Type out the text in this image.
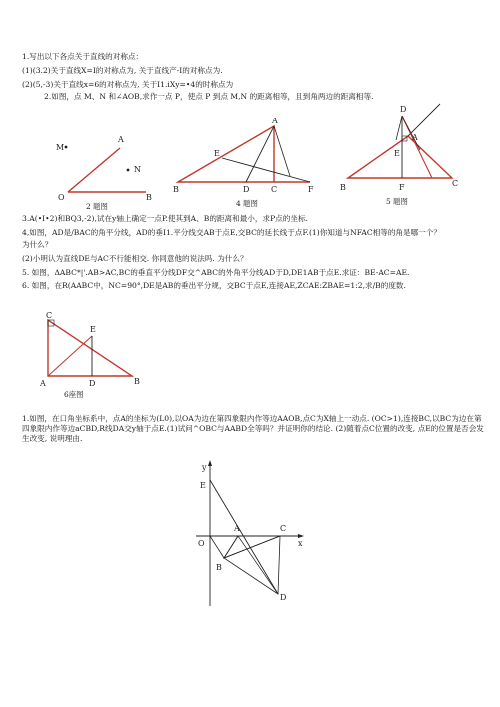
1.写出以下各点关于直线的对称点：
(1)(3.2)关于直线X=I的对称点为, 关于直线产-I的对称点为.
(2)(5,-3)关于直线x=6的对称点为, 关于I1.iXy=•4的时称点为
2.如图，点 M、N 和∠AOB,求作一点 P，使点 P 到点 M,N 的距离相等，且到角两边的距离相等.
M
N
A
O	B
2 题图
A
B	D	C	F
E
4 题图
D
A
E
B	F	C
5 题图
3.A(•I•2)和BQ3,-2),试在y轴上确定一点P.使其到A、B的距离和最小，求P点的坐标.
4,如图，AD是/BAC的角平分线，AD的垂I1.平分线交AB于点E,交BC的延长线于点F.(1)你知道与NFAC相等的角是哪一个？
为什么？
(2)小明认为直线DE与AC不行能相交. 你同意他的说法吗. 为什么？
5. 如图，ΔABC*|'.AB>AC,BC的垂直平分线DF交^ABC的外角平分线AD于D,DE1AB于点E.求证：BE-AC=AE.
6. 如图，在R(AABC中，NC=90°,DE是AB的垂出平分规，交BC于点E,连接AE,ZCAE:ZBAE=1:2,求/B的度数.
C
E
A	D	B
6座图
1.如图，在口角坐标系中，点A的坐标为(L0),以OA为边在第四象限内作等边AAOB,点C为X轴上一动点. (OC>1),连接BC,以BC为边在第四象限内作等边aCBD,R线DA交y轴于点E.(1)试问^OBC与AABD全等吗？并证明你的结论. (2)随着点C位置的改变, 点E的位置是否会发生改变, 说明理由.
y
E
O
A	C
x
B
D
